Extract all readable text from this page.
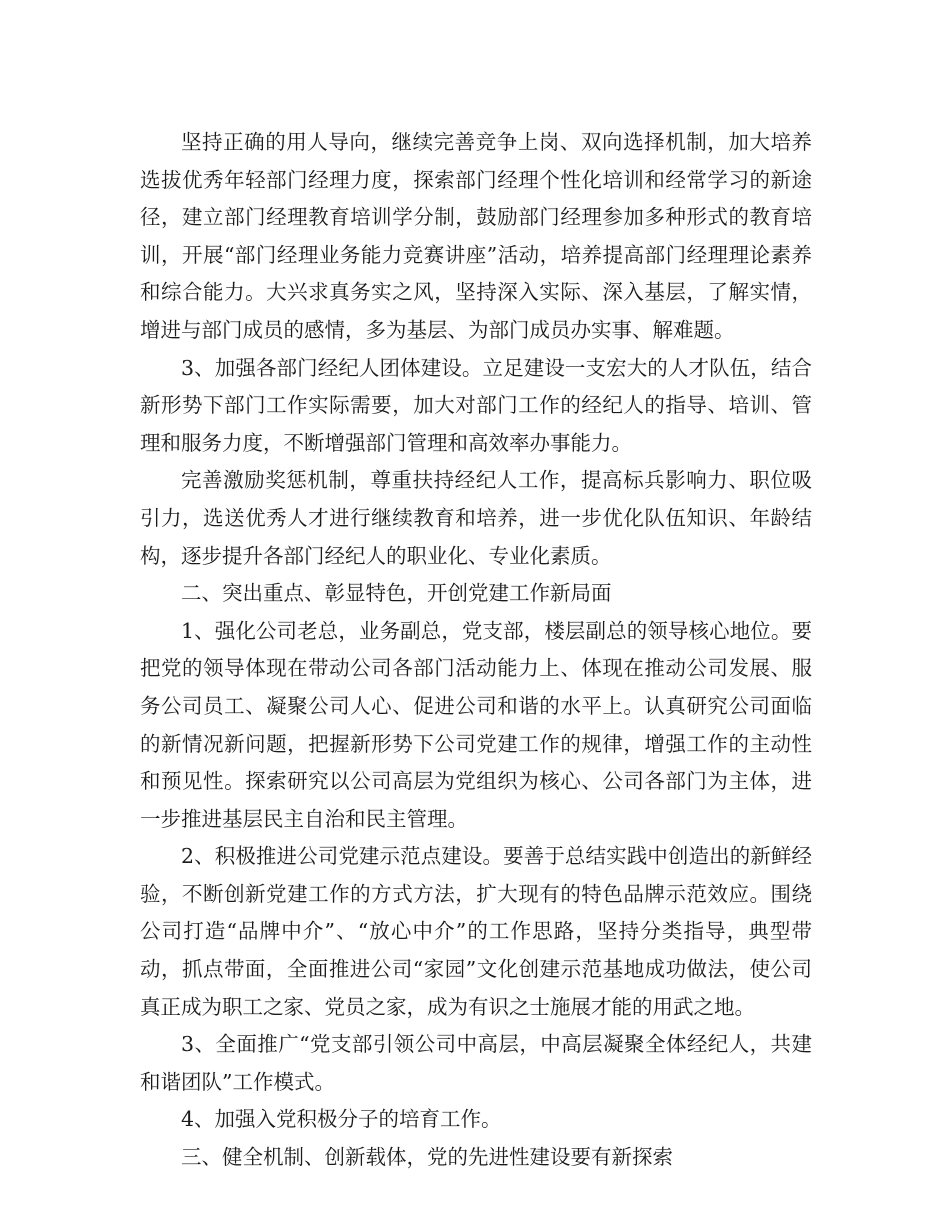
坚持正确的用人导向，继续完善竞争上岗、双向选择机制，加大培养选拔优秀年轻部门经理力度，探索部门经理个性化培训和经常学习的新途径，建立部门经理教育培训学分制，鼓励部门经理参加多种形式的教育培训，开展“部门经理业务能力竞赛讲座”活动，培养提高部门经理理论素养和综合能力。大兴求真务实之风，坚持深入实际、深入基层，了解实情，增进与部门成员的感情，多为基层、为部门成员办实事、解难题。

3、加强各部门经纪人团体建设。立足建设一支宏大的人才队伍，结合新形势下部门工作实际需要，加大对部门工作的经纪人的指导、培训、管理和服务力度，不断增强部门管理和高效率办事能力。

完善激励奖惩机制，尊重扶持经纪人工作，提高标兵影响力、职位吸引力，选送优秀人才进行继续教育和培养，进一步优化队伍知识、年龄结构，逐步提升各部门经纪人的职业化、专业化素质。

二、突出重点、彰显特色，开创党建工作新局面

1、强化公司老总，业务副总，党支部，楼层副总的领导核心地位。要把党的领导体现在带动公司各部门活动能力上、体现在推动公司发展、服务公司员工、凝聚公司人心、促进公司和谐的水平上。认真研究公司面临的新情况新问题，把握新形势下公司党建工作的规律，增强工作的主动性和预见性。探索研究以公司高层为党组织为核心、公司各部门为主体，进一步推进基层民主自治和民主管理。

2、积极推进公司党建示范点建设。要善于总结实践中创造出的新鲜经验，不断创新党建工作的方式方法，扩大现有的特色品牌示范效应。围绕公司打造“品牌中介”、“放心中介”的工作思路，坚持分类指导，典型带动，抓点带面，全面推进公司“家园”文化创建示范基地成功做法，使公司真正成为职工之家、党员之家，成为有识之士施展才能的用武之地。

3、全面推广“党支部引领公司中高层，中高层凝聚全体经纪人，共建和谐团队”工作模式。

4、加强入党积极分子的培育工作。

三、健全机制、创新载体，党的先进性建设要有新探索
